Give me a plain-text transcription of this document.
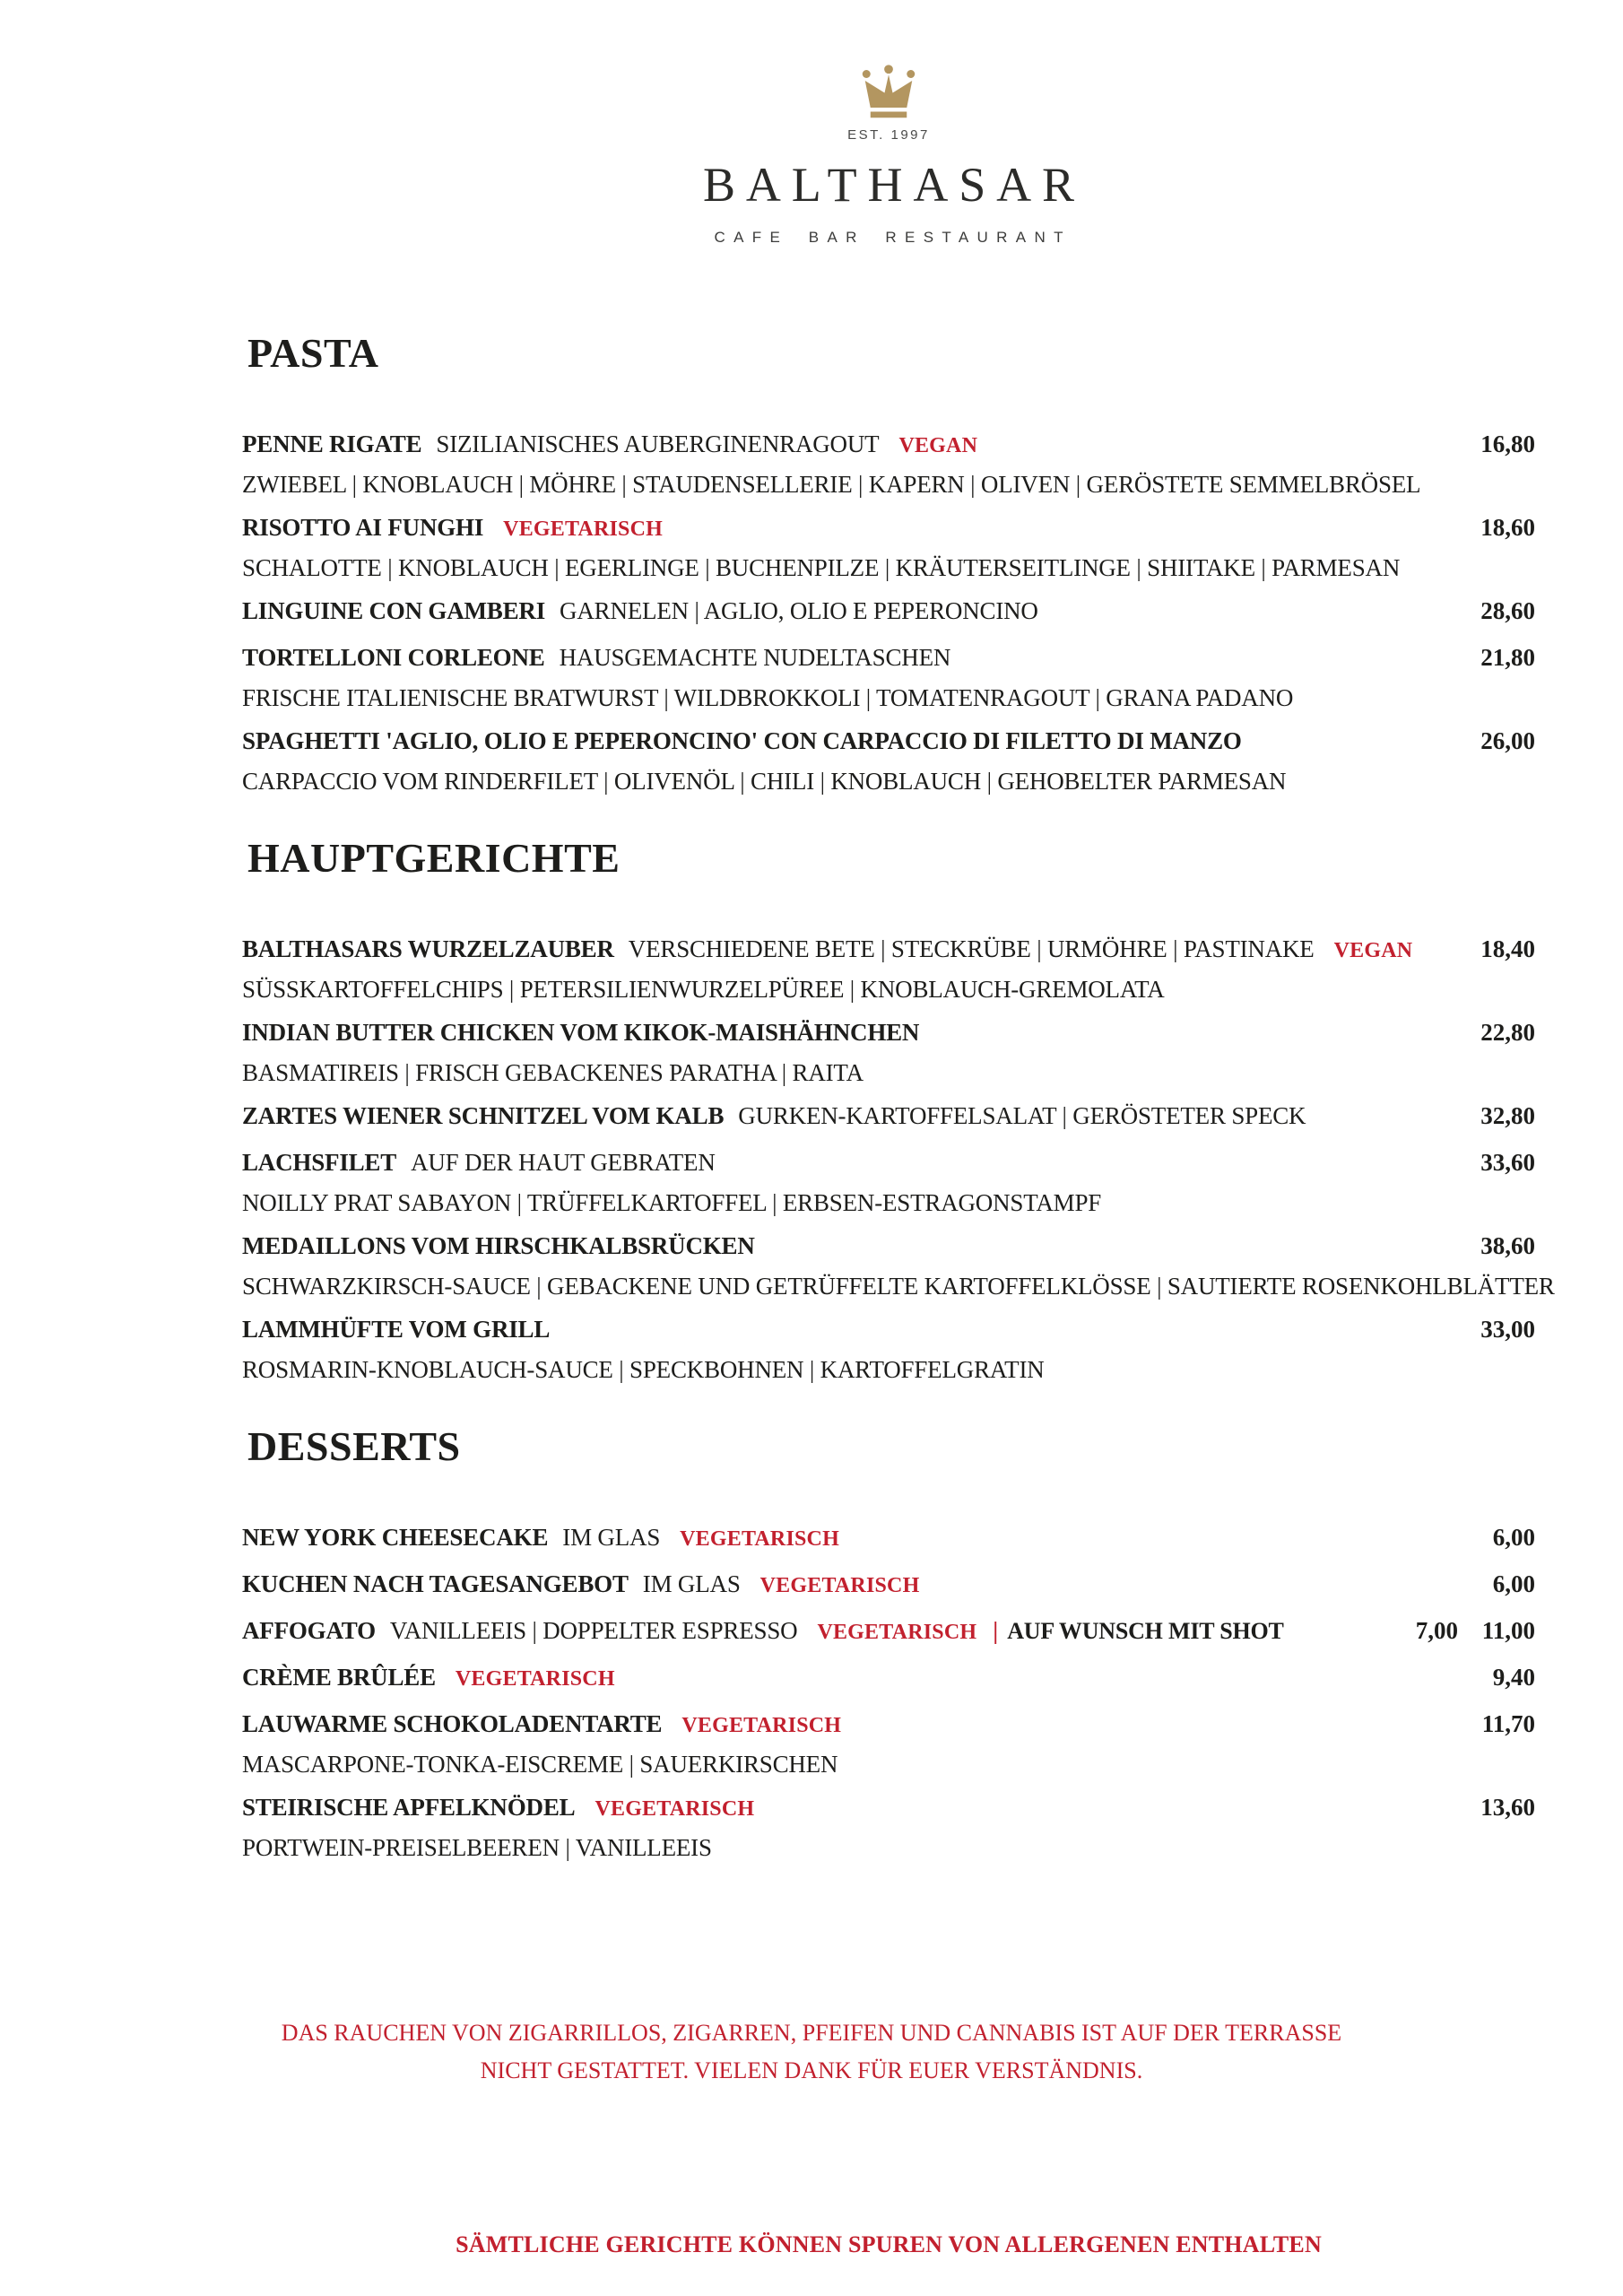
EST. 1997
BALTHASAR
CAFE BAR RESTAURANT
PASTA
PENNE RIGATE SIZILIANISCHES AUBERGINENRAGOUT VEGAN	16,80
ZWIEBEL | KNOBLAUCH | MÖHRE | STAUDENSELLERIE | KAPERN | OLIVEN | GERÖSTETE SEMMELBRÖSEL
RISOTTO AI FUNGHI VEGETARISCH	18,60
SCHALOTTE | KNOBLAUCH | EGERLINGE | BUCHENPILZE | KRÄUTERSEITLINGE | SHIITAKE | PARMESAN
LINGUINE CON GAMBERI GARNELEN | AGLIO, OLIO E PEPERONCINO	28,60
TORTELLONI CORLEONE HAUSGEMACHTE NUDELTASCHEN	21,80
FRISCHE ITALIENISCHE BRATWURST | WILDBROKKOLI | TOMATENRAGOUT | GRANA PADANO
SPAGHETTI 'AGLIO, OLIO E PEPERONCINO' CON CARPACCIO DI FILETTO DI MANZO	26,00
CARPACCIO VOM RINDERFILET | OLIVENÖL | CHILI | KNOBLAUCH | GEHOBELTER PARMESAN
HAUPTGERICHTE
BALTHASARS WURZELZAUBER VERSCHIEDENE BETE | STECKRÜBE | URMÖHRE | PASTINAKE VEGAN	18,40
SÜSSKARTOFFELCHIPS | PETERSILIENWURZELPÜREE | KNOBLAUCH-GREMOLATA
INDIAN BUTTER CHICKEN VOM KIKOK-MAISHÄHNCHEN	22,80
BASMATIREIS | FRISCH GEBACKENES PARATHA | RAITA
ZARTES WIENER SCHNITZEL VOM KALB GURKEN-KARTOFFELSALAT | GERÖSTETER SPECK	32,80
LACHSFILET AUF DER HAUT GEBRATEN	33,60
NOILLY PRAT SABAYON | TRÜFFELKARTOFFEL | ERBSEN-ESTRAGONSTAMPF
MEDAILLONS VOM HIRSCHKALBSRÜCKEN	38,60
SCHWARZKIRSCH-SAUCE | GEBACKENE UND GETRÜFFELTE KARTOFFELKLÖSSE | SAUTIERTE ROSENKOHLBLÄTTER
LAMMHÜFTE VOM GRILL	33,00
ROSMARIN-KNOBLAUCH-SAUCE | SPECKBOHNEN | KARTOFFELGRATIN
DESSERTS
NEW YORK CHEESECAKE IM GLAS VEGETARISCH	6,00
KUCHEN NACH TAGESANGEBOT IM GLAS VEGETARISCH	6,00
AFFOGATO VANILLEEIS | DOPPELTER ESPRESSO VEGETARISCH | AUF WUNSCH MIT SHOT	7,00 11,00
CRÈME BRÛLÉE VEGETARISCH	9,40
LAUWARME SCHOKOLADENTARTE VEGETARISCH	11,70
MASCARPONE-TONKA-EISCREME | SAUERKIRSCHEN
STEIRISCHE APFELKNÖDEL VEGETARISCH	13,60
PORTWEIN-PREISELBEEREN | VANILLEEIS
DAS RAUCHEN VON ZIGARRILLOS, ZIGARREN, PFEIFEN UND CANNABIS IST AUF DER TERRASSE
NICHT GESTATTET. VIELEN DANK FÜR EUER VERSTÄNDNIS.
SÄMTLICHE GERICHTE KÖNNEN SPUREN VON ALLERGENEN ENTHALTEN
